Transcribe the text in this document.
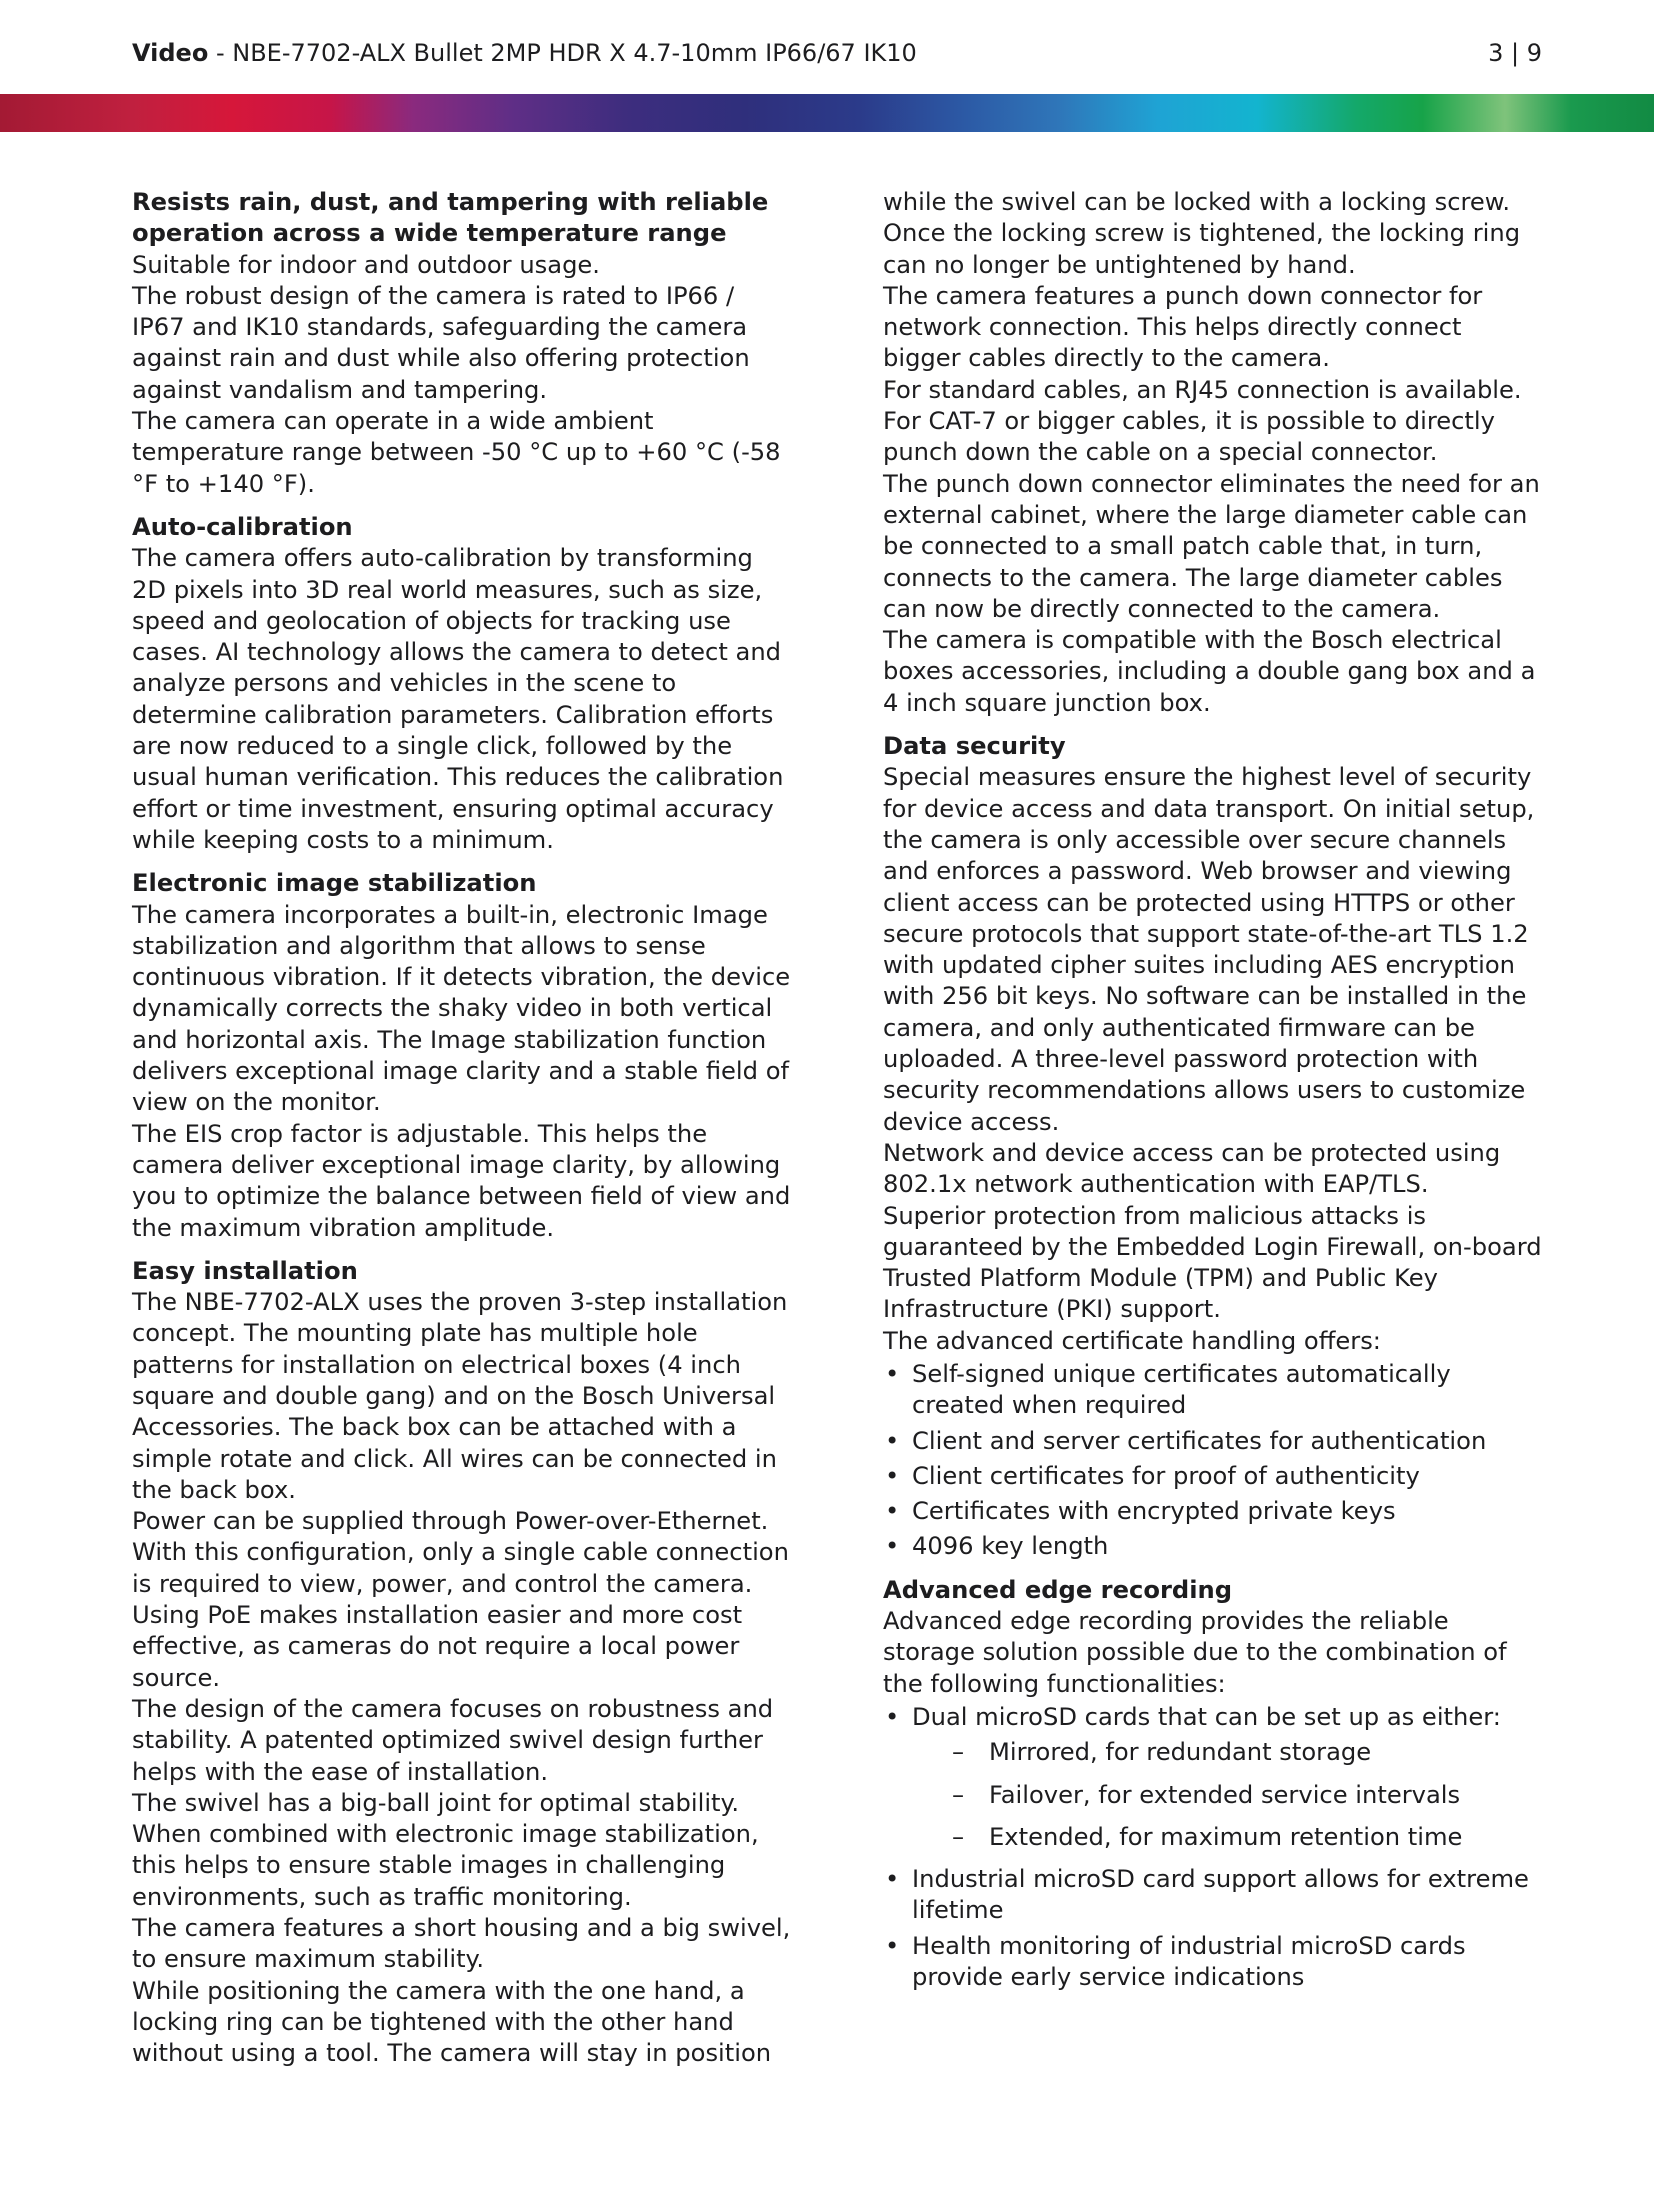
Video - NBE-7702-ALX Bullet 2MP HDR X 4.7-10mm IP66/67 IK10	3 | 9
Resists rain, dust, and tampering with reliable operation across a wide temperature range

Suitable for indoor and outdoor usage.

The robust design of the camera is rated to IP66 / IP67 and IK10 standards, safeguarding the camera against rain and dust while also offering protection against vandalism and tampering.

The camera can operate in a wide ambient temperature range between -50 °C up to +60 °C (-58 °F to +140 °F).

Auto-calibration

The camera offers auto-calibration by transforming 2D pixels into 3D real world measures, such as size, speed and geolocation of objects for tracking use cases. AI technology allows the camera to detect and analyze persons and vehicles in the scene to determine calibration parameters. Calibration efforts are now reduced to a single click, followed by the usual human verification. This reduces the calibration effort or time investment, ensuring optimal accuracy while keeping costs to a minimum.

Electronic image stabilization

The camera incorporates a built-in, electronic Image stabilization and algorithm that allows to sense continuous vibration. If it detects vibration, the device dynamically corrects the shaky video in both vertical and horizontal axis. The Image stabilization function delivers exceptional image clarity and a stable field of view on the monitor.

The EIS crop factor is adjustable. This helps the camera deliver exceptional image clarity, by allowing you to optimize the balance between field of view and the maximum vibration amplitude.

Easy installation

The NBE-7702-ALX uses the proven 3-step installation concept. The mounting plate has multiple hole patterns for installation on electrical boxes (4 inch square and double gang) and on the Bosch Universal Accessories. The back box can be attached with a simple rotate and click. All wires can be connected in the back box.

Power can be supplied through Power-over-Ethernet. With this configuration, only a single cable connection is required to view, power, and control the camera. Using PoE makes installation easier and more cost effective, as cameras do not require a local power source.

The design of the camera focuses on robustness and stability. A patented optimized swivel design further helps with the ease of installation.

The swivel has a big-ball joint for optimal stability. When combined with electronic image stabilization, this helps to ensure stable images in challenging environments, such as traffic monitoring.

The camera features a short housing and a big swivel, to ensure maximum stability.

While positioning the camera with the one hand, a locking ring can be tightened with the other hand without using a tool. The camera will stay in position

while the swivel can be locked with a locking screw. Once the locking screw is tightened, the locking ring can no longer be untightened by hand.

The camera features a punch down connector for network connection. This helps directly connect bigger cables directly to the camera.

For standard cables, an RJ45 connection is available. For CAT-7 or bigger cables, it is possible to directly punch down the cable on a special connector.

The punch down connector eliminates the need for an external cabinet, where the large diameter cable can be connected to a small patch cable that, in turn, connects to the camera. The large diameter cables can now be directly connected to the camera.

The camera is compatible with the Bosch electrical boxes accessories, including a double gang box and a 4 inch square junction box.

Data security

Special measures ensure the highest level of security for device access and data transport. On initial setup, the camera is only accessible over secure channels and enforces a password. Web browser and viewing client access can be protected using HTTPS or other secure protocols that support state-of-the-art TLS 1.2 with updated cipher suites including AES encryption with 256 bit keys. No software can be installed in the camera, and only authenticated firmware can be uploaded. A three-level password protection with security recommendations allows users to customize device access.

Network and device access can be protected using 802.1x network authentication with EAP/TLS.

Superior protection from malicious attacks is guaranteed by the Embedded Login Firewall, on-board Trusted Platform Module (TPM) and Public Key Infrastructure (PKI) support.

The advanced certificate handling offers:

• Self-signed unique certificates automatically created when required
• Client and server certificates for authentication
• Client certificates for proof of authenticity
• Certificates with encrypted private keys
• 4096 key length
Advanced edge recording

Advanced edge recording provides the reliable storage solution possible due to the combination of the following functionalities:

• Dual microSD cards that can be set up as either:
– Mirrored, for redundant storage
– Failover, for extended service intervals
– Extended, for maximum retention time
• Industrial microSD card support allows for extreme lifetime
• Health monitoring of industrial microSD cards provide early service indications
